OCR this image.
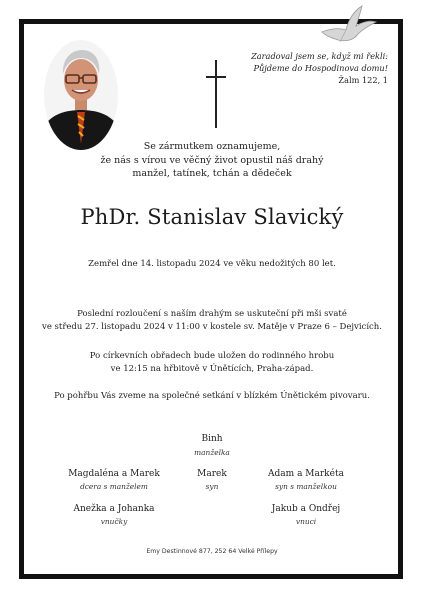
Zaradoval jsem se, když mi řekli:
Půjdeme do Hospodinova domu!
Žalm 122, 1
Se zármutkem oznamujeme,
že nás s vírou ve věčný život opustil náš drahý
manžel, tatínek, tchán a dědeček
PhDr. Stanislav Slavický
Zemřel dne 14. listopadu 2024 ve věku nedožitých 80 let.
Poslední rozloučení s naším drahým se uskuteční při mši svaté
ve středu 27. listopadu 2024 v 11:00 v kostele sv. Matěje v Praze 6 – Dejvicích.
Po církevních obřadech bude uložen do rodinného hrobu
ve 12:15 na hřbitově v Únětících, Praha-západ.
Po pohřbu Vás zveme na společné setkání v blízkém Únětickém pivovaru.
Binh
manželka
Magdaléna a Marek
dcera s manželem
Marek
syn
Adam a Markéta
syn s manželkou
Anežka a Johanka
vnučky
Jakub a Ondřej
vnuci
Emy Destinnové 877, 252 64 Velké Přílepy
